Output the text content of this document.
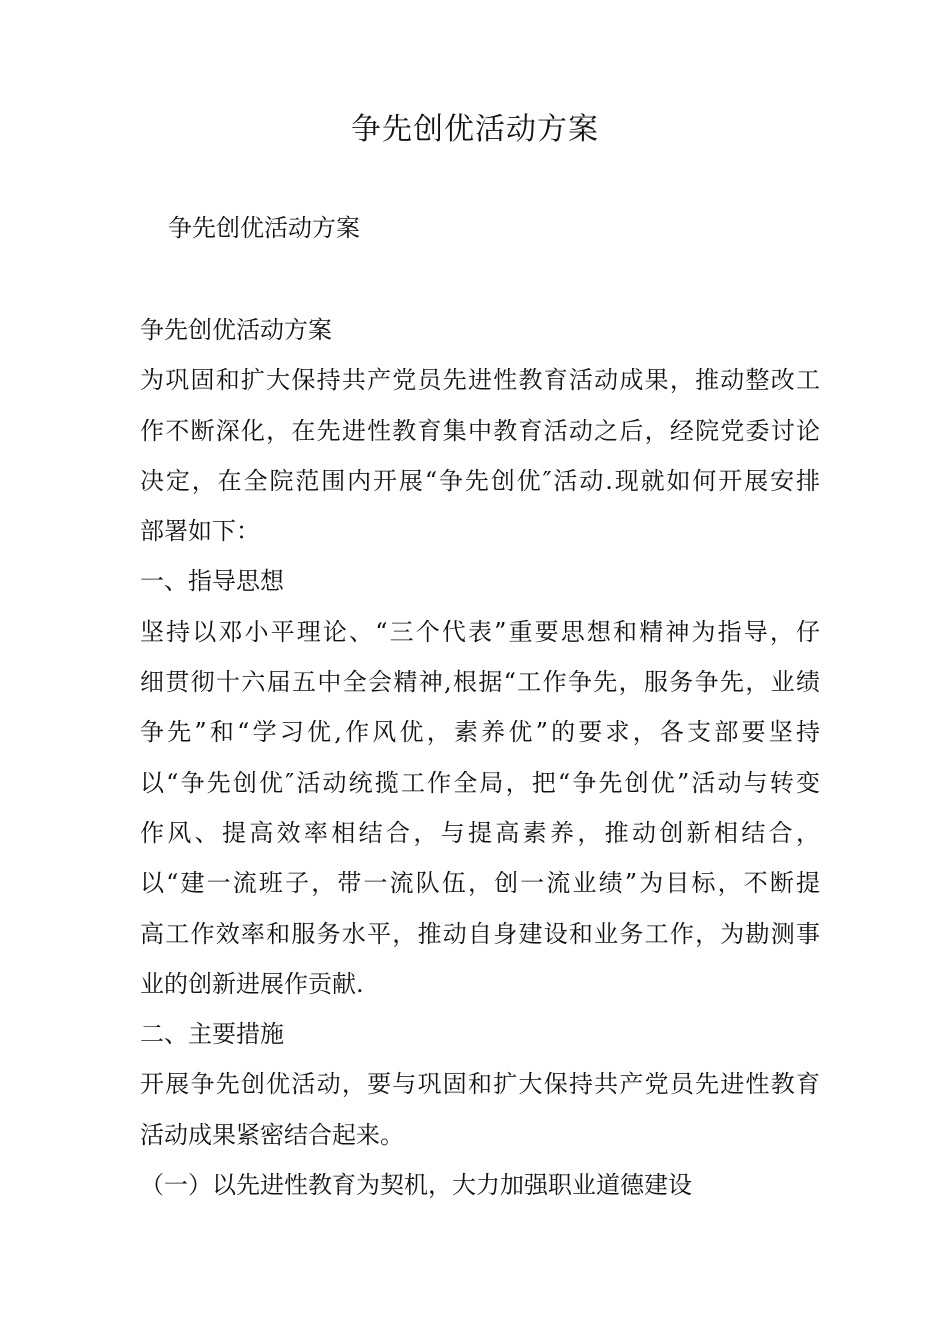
争先创优活动方案
争先创优活动方案
争先创优活动方案
为巩固和扩大保持共产党员先进性教育活动成果，推动整改工
作不断深化，在先进性教育集中教育活动之后，经院党委讨论
决定，在全院范围内开展“争先创优″活动.现就如何开展安排
部署如下：
一、指导思想
坚持以邓小平理论、“三个代表”重要思想和精神为指导，仔
细贯彻十六届五中全会精神,根据“工作争先，服务争先，业绩
争先”和“学习优,作风优，素养优”的要求，各支部要坚持
以“争先创优″活动统揽工作全局，把“争先创优”活动与转变
作风、提高效率相结合，与提高素养，推动创新相结合，
以“建一流班子，带一流队伍，创一流业绩”为目标，不断提
高工作效率和服务水平，推动自身建设和业务工作，为勘测事
业的创新进展作贡献.
二、主要措施
开展争先创优活动，要与巩固和扩大保持共产党员先进性教育
活动成果紧密结合起来。
（一）以先进性教育为契机，大力加强职业道德建设
